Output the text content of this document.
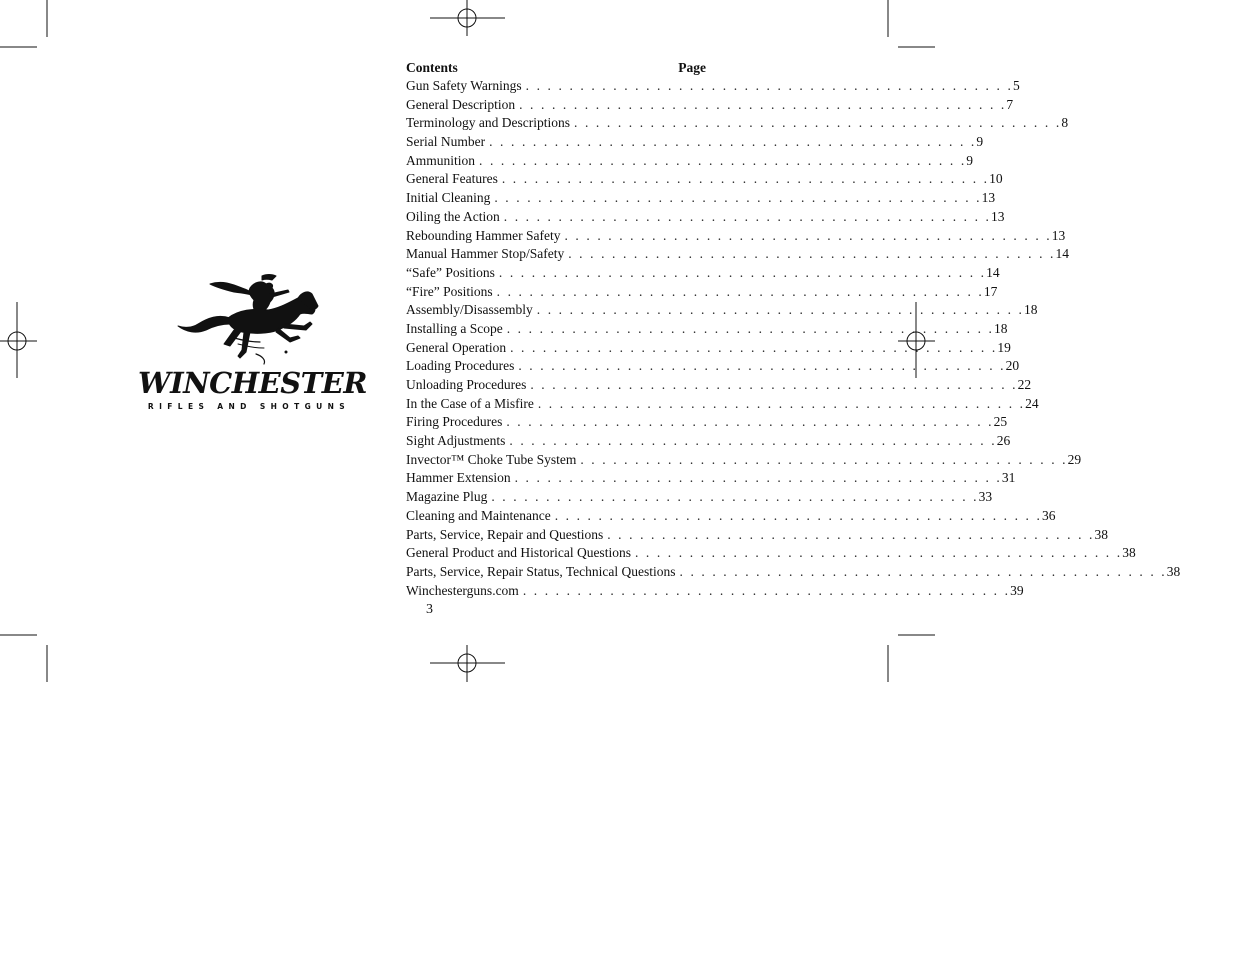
WINCHESTER
RIFLES AND SHOTGUNS
Contents	Page
Gun Safety Warnings . . . . . . . . . . . . . . . . . . . . . . . . . . . . . . . . . . . . . . . . . . . . . 5
General Description . . . . . . . . . . . . . . . . . . . . . . . . . . . . . . . . . . . . . . . . . . . . . 7
Terminology and Descriptions . . . . . . . . . . . . . . . . . . . . . . . . . . . . . . . . . . . . . . . . . . . . . 8
Serial Number . . . . . . . . . . . . . . . . . . . . . . . . . . . . . . . . . . . . . . . . . . . . . 9
Ammunition . . . . . . . . . . . . . . . . . . . . . . . . . . . . . . . . . . . . . . . . . . . . . 9
General Features . . . . . . . . . . . . . . . . . . . . . . . . . . . . . . . . . . . . . . . . . . . . . 10
Initial Cleaning . . . . . . . . . . . . . . . . . . . . . . . . . . . . . . . . . . . . . . . . . . . . . 13
Oiling the Action . . . . . . . . . . . . . . . . . . . . . . . . . . . . . . . . . . . . . . . . . . . . . 13
Rebounding Hammer Safety . . . . . . . . . . . . . . . . . . . . . . . . . . . . . . . . . . . . . . . . . . . . . 13
Manual Hammer Stop/Safety . . . . . . . . . . . . . . . . . . . . . . . . . . . . . . . . . . . . . . . . . . . . . 14
“Safe” Positions . . . . . . . . . . . . . . . . . . . . . . . . . . . . . . . . . . . . . . . . . . . . . 14
“Fire” Positions . . . . . . . . . . . . . . . . . . . . . . . . . . . . . . . . . . . . . . . . . . . . . 17
Assembly/Disassembly . . . . . . . . . . . . . . . . . . . . . . . . . . . . . . . . . . . . . . . . . . . . . 18
Installing a Scope . . . . . . . . . . . . . . . . . . . . . . . . . . . . . . . . . . . . . . . . . . . . . 18
General Operation . . . . . . . . . . . . . . . . . . . . . . . . . . . . . . . . . . . . . . . . . . . . . 19
Loading Procedures . . . . . . . . . . . . . . . . . . . . . . . . . . . . . . . . . . . . . . . . . . . . . 20
Unloading Procedures . . . . . . . . . . . . . . . . . . . . . . . . . . . . . . . . . . . . . . . . . . . . . 22
In the Case of a Misfire . . . . . . . . . . . . . . . . . . . . . . . . . . . . . . . . . . . . . . . . . . . . . 24
Firing Procedures . . . . . . . . . . . . . . . . . . . . . . . . . . . . . . . . . . . . . . . . . . . . . 25
Sight Adjustments . . . . . . . . . . . . . . . . . . . . . . . . . . . . . . . . . . . . . . . . . . . . . 26
Invector™ Choke Tube System . . . . . . . . . . . . . . . . . . . . . . . . . . . . . . . . . . . . . . . . . . . . . 29
Hammer Extension . . . . . . . . . . . . . . . . . . . . . . . . . . . . . . . . . . . . . . . . . . . . . 31
Magazine Plug . . . . . . . . . . . . . . . . . . . . . . . . . . . . . . . . . . . . . . . . . . . . . 33
Cleaning and Maintenance . . . . . . . . . . . . . . . . . . . . . . . . . . . . . . . . . . . . . . . . . . . . . 36
Parts, Service, Repair and Questions . . . . . . . . . . . . . . . . . . . . . . . . . . . . . . . . . . . . . . . . . . . . . 38
General Product and Historical Questions . . . . . . . . . . . . . . . . . . . . . . . . . . . . . . . . . . . . . . . . . . . . . 38
Parts, Service, Repair Status, Technical Questions . . . . . . . . . . . . . . . . . . . . . . . . . . . . . . . . . . . . . . . . . . . . . 38
Winchesterguns.com . . . . . . . . . . . . . . . . . . . . . . . . . . . . . . . . . . . . . . . . . . . . . 39
3
